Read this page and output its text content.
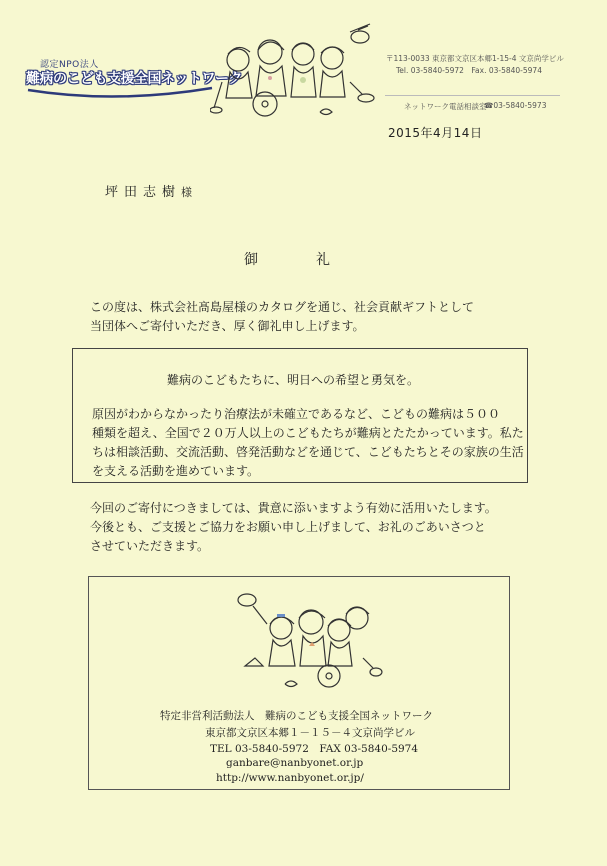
認定NPO法人
難病のこども支援全国ネットワーク
〒113-0033 東京都文京区本郷1-15-4 文京尚学ビル
Tel. 03-5840-5972　Fax. 03-5840-5974
ネットワーク電話相談室
☎03-5840-5973
2015年4月14日
坪田志樹様
御礼
この度は、株式会社髙島屋様のカタログを通じ、社会貢献ギフトとして
当団体へご寄付いただき、厚く御礼申し上げます。
難病のこどもたちに、明日への希望と勇気を。
原因がわからなかったり治療法が未確立であるなど、こどもの難病は５００
種類を超え、全国で２０万人以上のこどもたちが難病とたたかっています。私た
ちは相談活動、交流活動、啓発活動などを通じて、こどもたちとその家族の生活
を支える活動を進めています。
今回のご寄付につきましては、貴意に添いますよう有効に活用いたします。
今後とも、ご支援とご協力をお願い申し上げまして、お礼のごあいさつと
させていただきます。
特定非営利活動法人　難病のこども支援全国ネットワーク
東京都文京区本郷１－１５－４文京尚学ビル
TEL 03-5840-5972　FAX 03-5840-5974
ganbare@nanbyonet.or.jp
http://www.nanbyonet.or.jp/
